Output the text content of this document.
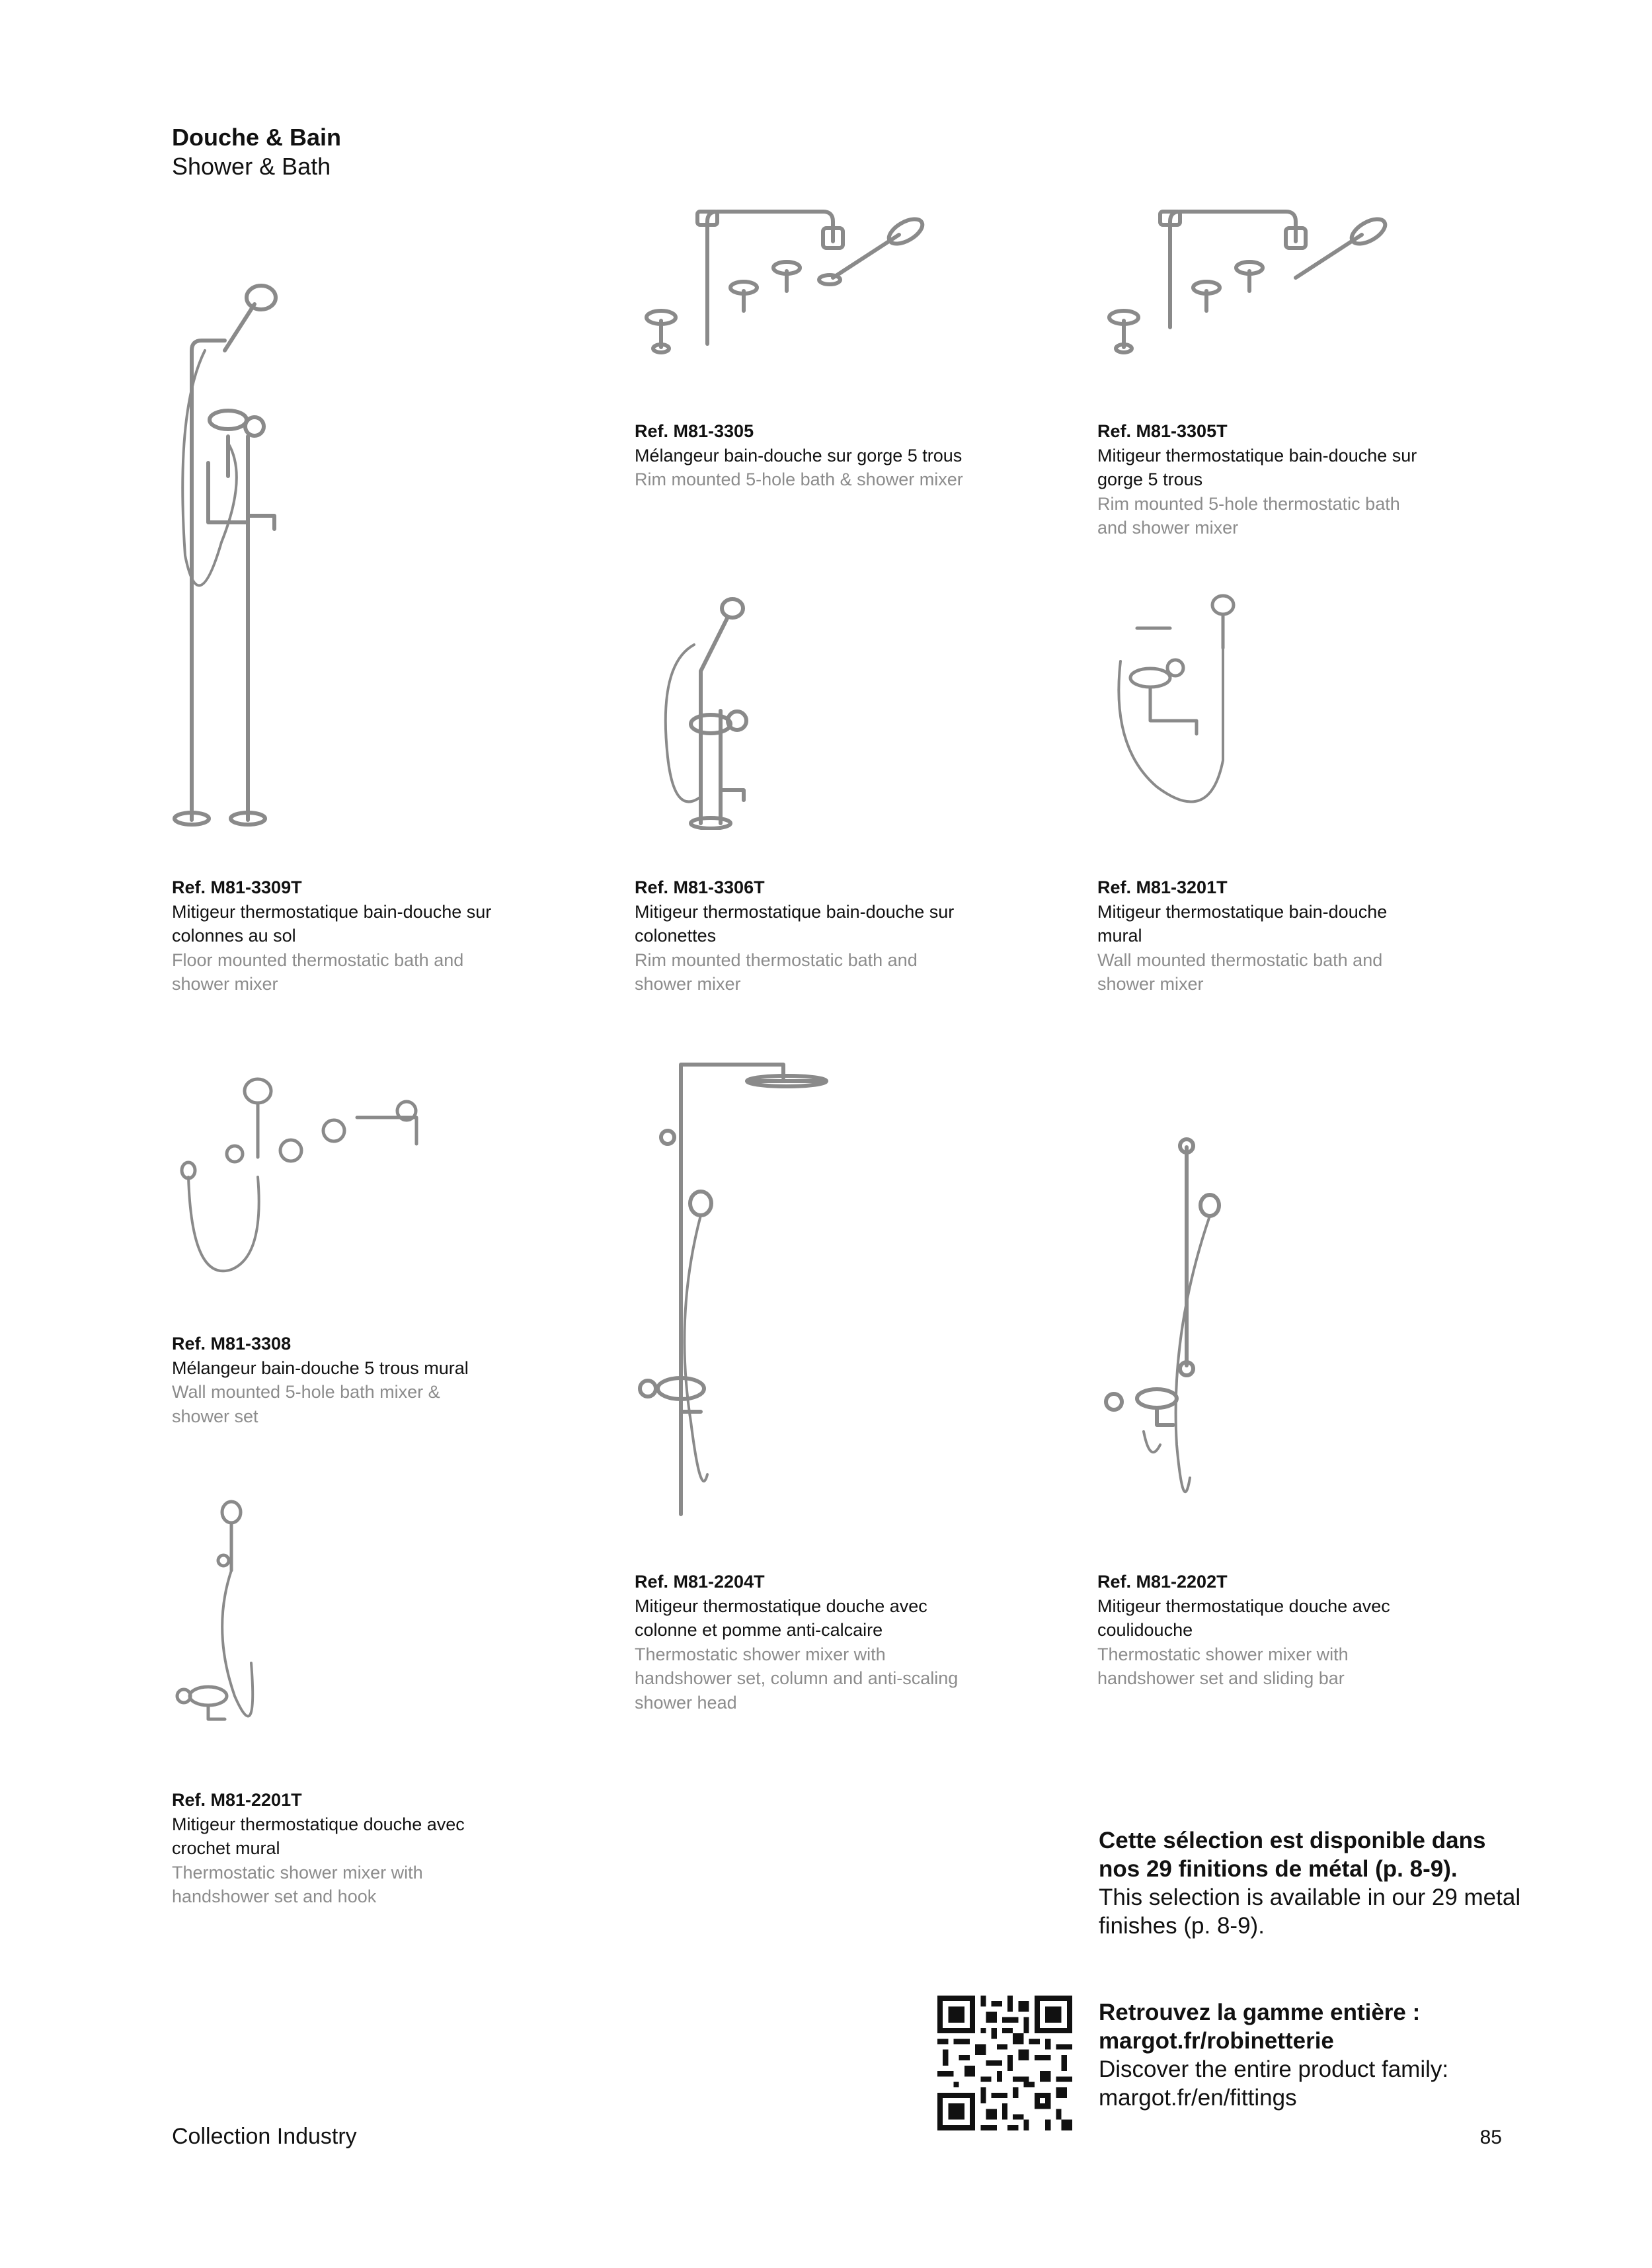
Douche & Bain
Shower & Bath
Ref. M81-3305
Mélangeur bain-douche sur gorge 5 trous
Rim mounted 5-hole bath & shower mixer
Ref. M81-3305T
Mitigeur thermostatique bain-douche sur gorge 5 trous
Rim mounted 5-hole thermostatic bath and shower mixer
Ref. M81-3309T
Mitigeur thermostatique bain-douche sur colonnes au sol
Floor mounted thermostatic bath and shower mixer
Ref. M81-3306T
Mitigeur thermostatique bain-douche sur colonettes
Rim mounted thermostatic bath and shower mixer
Ref. M81-3201T
Mitigeur thermostatique bain-douche mural
Wall mounted thermostatic bath and shower mixer
Ref. M81-3308
Mélangeur bain-douche 5 trous mural
Wall mounted 5-hole bath mixer & shower set
Ref. M81-2204T
Mitigeur thermostatique douche avec colonne et pomme anti-calcaire
Thermostatic shower mixer with handshower set, column and anti-scaling shower head
Ref. M81-2202T
Mitigeur thermostatique douche avec coulidouche
Thermostatic shower mixer with handshower set and sliding bar
Ref. M81-2201T
Mitigeur thermostatique douche avec crochet mural
Thermostatic shower mixer with handshower set and hook
Cette sélection est disponible dans nos 29 finitions de métal (p. 8-9).
This selection is available in our 29 metal finishes (p. 8-9).
Retrouvez la gamme entière : margot.fr/robinetterie
Discover the entire product family: margot.fr/en/fittings
Collection Industry	85
